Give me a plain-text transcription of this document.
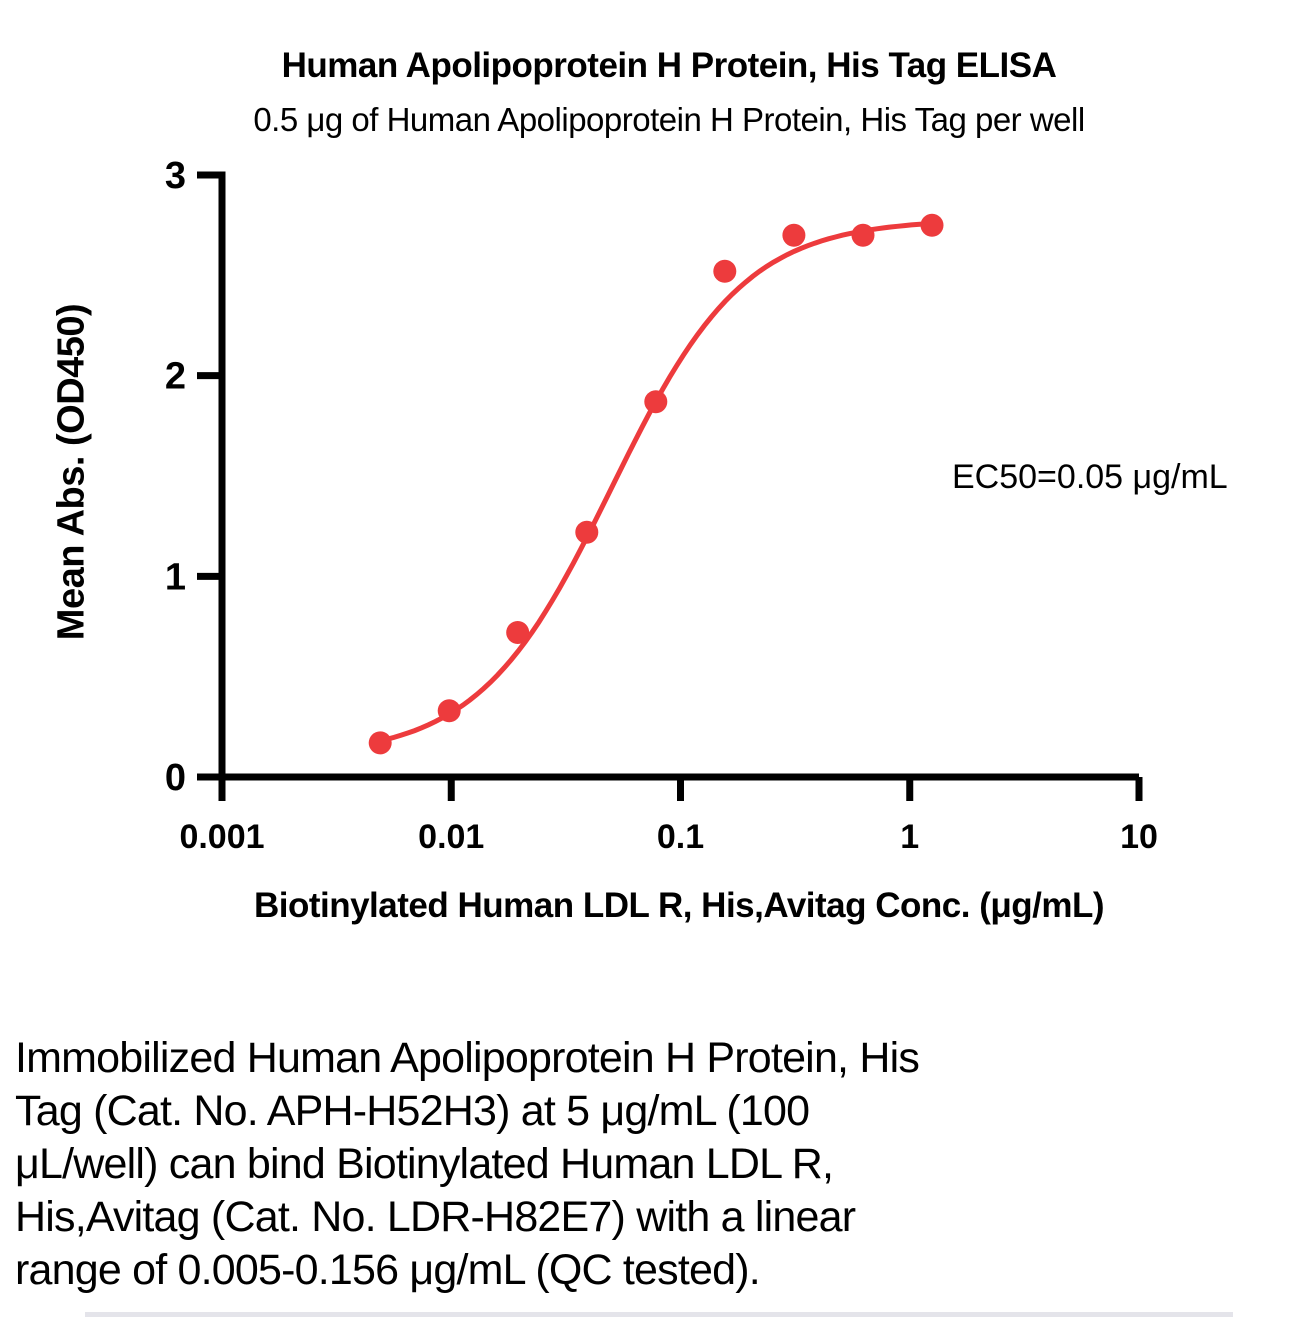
Human Apolipoprotein H Protein, His Tag ELISA
0.5 μg of Human Apolipoprotein H Protein, His Tag per well
0
1
2
3
0.001	0.01	0.1	1	10
Mean Abs. (OD450)
Biotinylated Human LDL R, His,Avitag Conc. (μg/mL)
EC50=0.05 μg/mL
Immobilized Human Apolipoprotein H Protein, His
Tag (Cat. No. APH-H52H3) at 5 μg/mL (100
μL/well) can bind Biotinylated Human LDL R,
His,Avitag (Cat. No. LDR-H82E7) with a linear
range of 0.005-0.156 μg/mL (QC tested).
